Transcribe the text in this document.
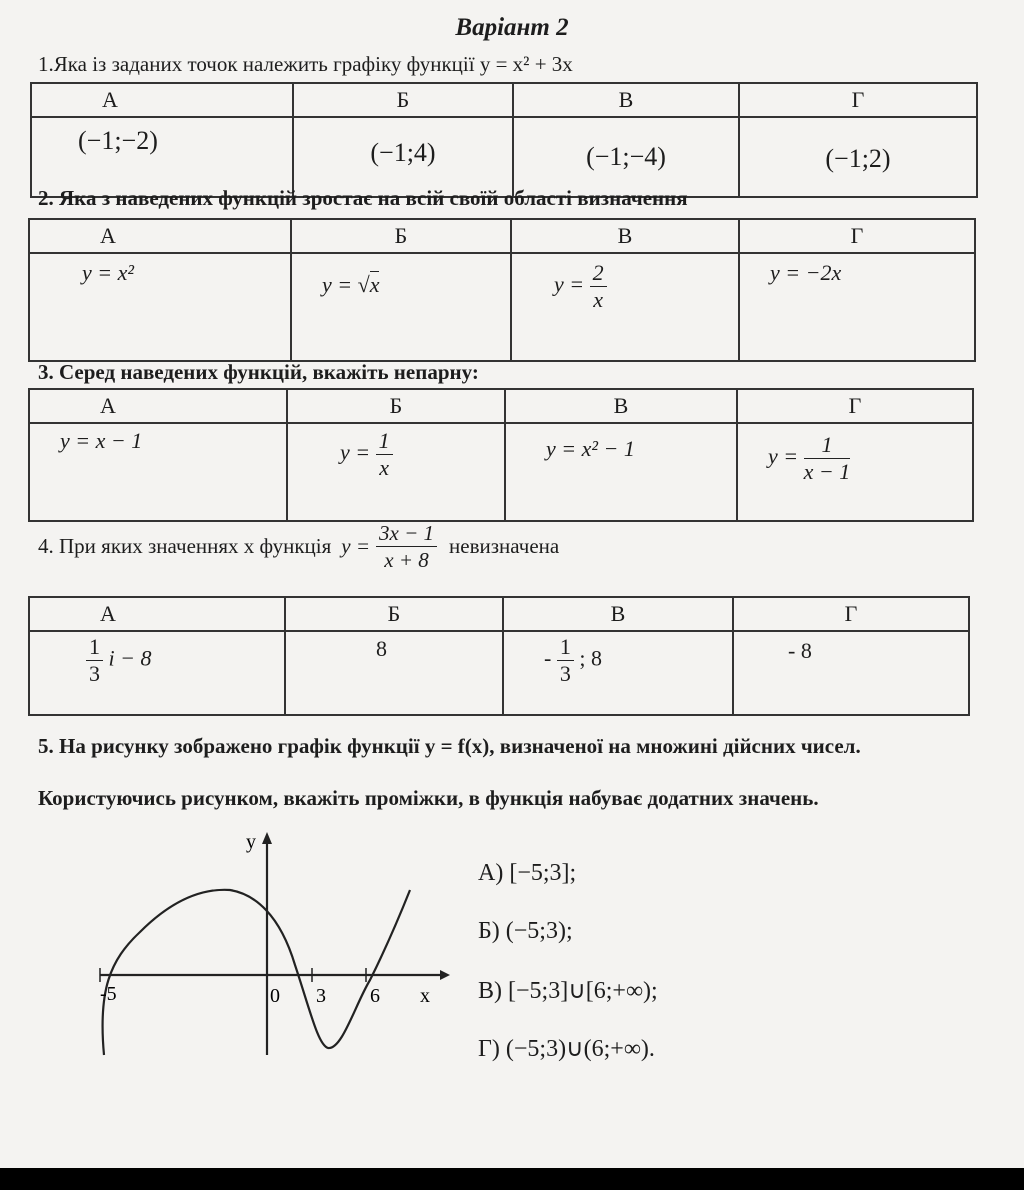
Варіант 2
1.Яка із заданих точок належить графіку функції y = x² + 3x
А	Б	В	Г
(−1;−2)	(−1;4)	(−1;−4)	(−1;2)
2. Яка з наведених функцій зростає на всій своїй області визначення
А	Б	В	Г
y = x²	y = √x	$y = \frac{2}{x}$	y = −2x
3. Серед наведених функцій, вкажіть непарну:
А	Б	В	Г
y = x − 1	$y = \frac{1}{x}$	y = x² − 1	$y = \frac{1}{x - 1}$
4. При яких значеннях x функція $y = \frac{3x - 1}{x + 8}$ невизначена
А	Б	В	Г

$\frac{1}{3}$ і − 8	8	- $\frac{1}{3}$ ; 8	- 8
5. На рисунку зображено графік функції y = f(x), визначеної на множині дійсних чисел.
Користуючись рисунком, вкажіть проміжки, в функція набуває додатних значень.
y
x
-5	0 3 6
А) [−5;3];
Б) (−5;3);
В) [−5;3]∪[6;+∞);
Г) (−5;3)∪(6;+∞).
